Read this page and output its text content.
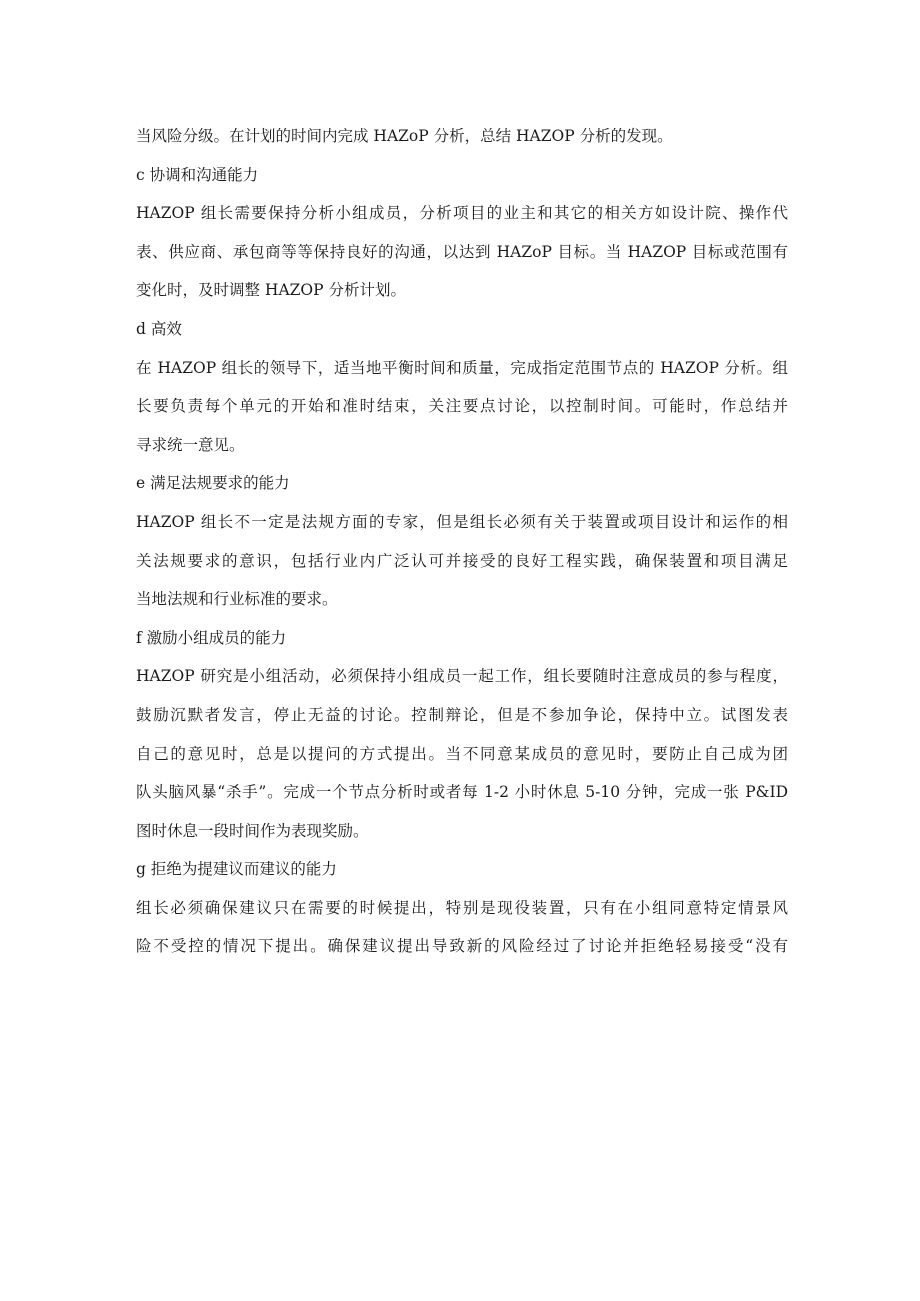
当风险分级。在计划的时间内完成 HAZoP 分析，总结 HAZOP 分析的发现。
c 协调和沟通能力
HAZOP 组长需要保持分析小组成员，分析项目的业主和其它的相关方如设计院、操作代
表、供应商、承包商等等保持良好的沟通，以达到 HAZoP 目标。当 HAZOP 目标或范围有
变化时，及时调整 HAZOP 分析计划。
d 高效
在 HAZOP 组长的领导下，适当地平衡时间和质量，完成指定范围节点的 HAZOP 分析。组
长要负责每个单元的开始和准时结束，关注要点讨论，以控制时间。可能时，作总结并
寻求统一意见。
e 满足法规要求的能力
HAZOP 组长不一定是法规方面的专家，但是组长必须有关于装置或项目设计和运作的相
关法规要求的意识，包括行业内广泛认可并接受的良好工程实践，确保装置和项目满足
当地法规和行业标准的要求。
f 激励小组成员的能力
HAZOP 研究是小组活动，必须保持小组成员一起工作，组长要随时注意成员的参与程度，
鼓励沉默者发言，停止无益的讨论。控制辩论，但是不参加争论，保持中立。试图发表
自己的意见时，总是以提问的方式提出。当不同意某成员的意见时，要防止自己成为团
队头脑风暴“杀手”。完成一个节点分析时或者每 1-2 小时休息 5-10 分钟，完成一张 P&ID
图时休息一段时间作为表现奖励。
g 拒绝为提建议而建议的能力
组长必须确保建议只在需要的时候提出，特别是现役装置，只有在小组同意特定情景风
险不受控的情况下提出。确保建议提出导致新的风险经过了讨论并拒绝轻易接受“没有
